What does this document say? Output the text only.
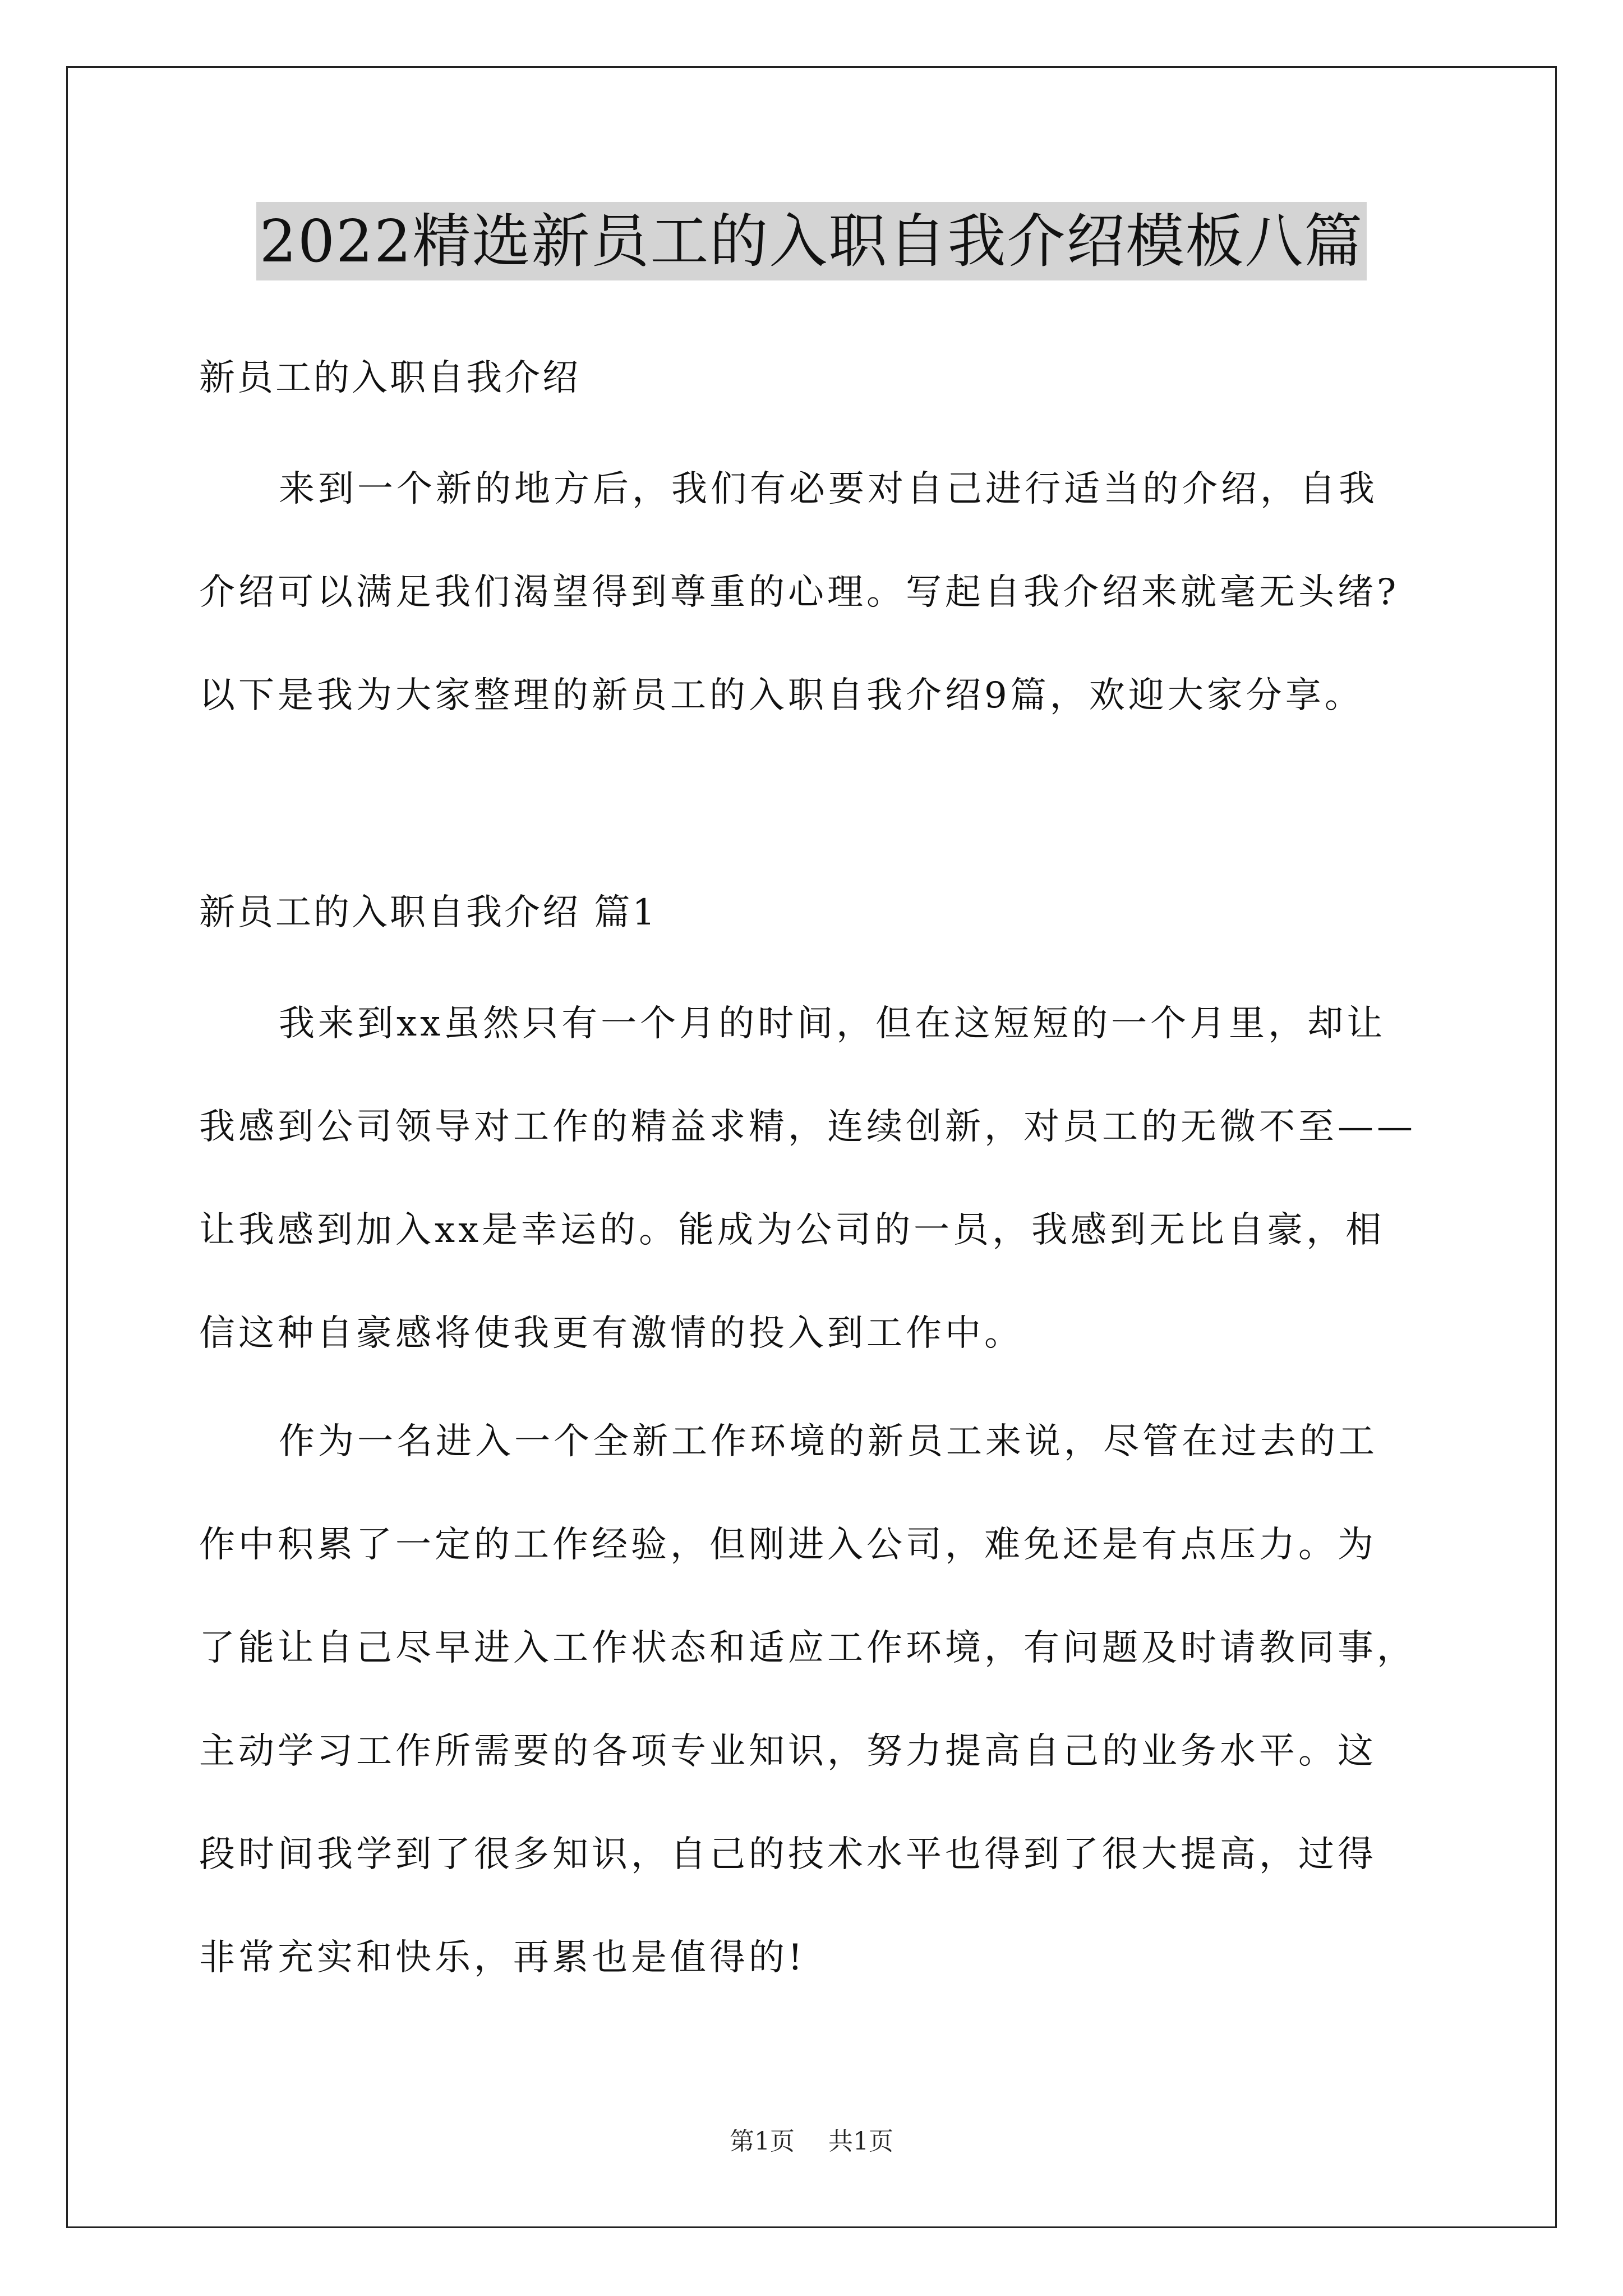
2022精选新员工的入职自我介绍模板八篇
新员工的入职自我介绍
来到一个新的地方后，我们有必要对自己进行适当的介绍，自我
介绍可以满足我们渴望得到尊重的心理。写起自我介绍来就毫无头绪?
以下是我为大家整理的新员工的入职自我介绍9篇，欢迎大家分享。
新员工的入职自我介绍 篇1
我来到xx虽然只有一个月的时间，但在这短短的一个月里，却让
我感到公司领导对工作的精益求精，连续创新，对员工的无微不至——
让我感到加入xx是幸运的。能成为公司的一员，我感到无比自豪，相
信这种自豪感将使我更有激情的投入到工作中。
作为一名进入一个全新工作环境的新员工来说，尽管在过去的工
作中积累了一定的工作经验，但刚进入公司，难免还是有点压力。为
了能让自己尽早进入工作状态和适应工作环境，有问题及时请教同事，
主动学习工作所需要的各项专业知识，努力提高自己的业务水平。这
段时间我学到了很多知识，自己的技术水平也得到了很大提高，过得
非常充实和快乐，再累也是值得的!
第1页 共1页
